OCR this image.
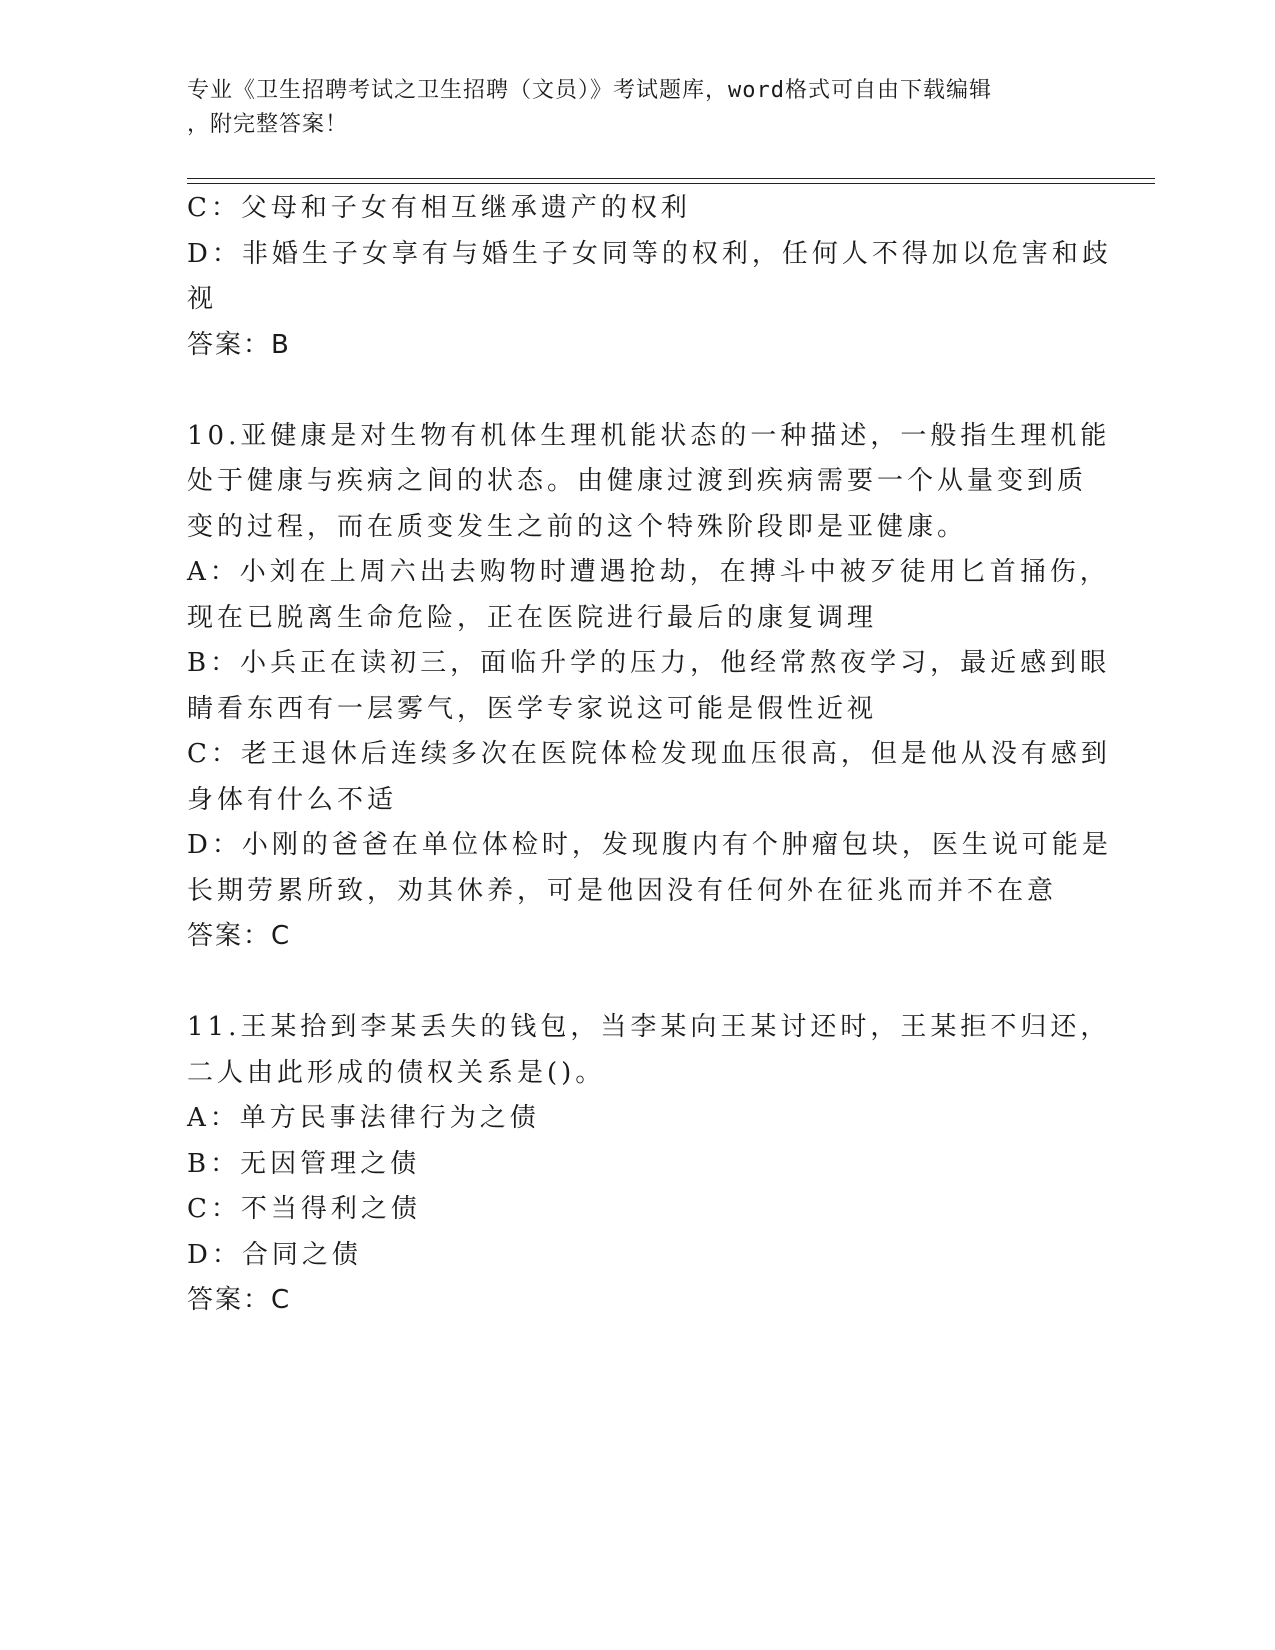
专业《卫生招聘考试之卫生招聘（文员）》考试题库，word格式可自由下载编辑
，附完整答案！
C：父母和子女有相互继承遗产的权利
D：非婚生子女享有与婚生子女同等的权利，任何人不得加以危害和歧
视
答案：B
10.亚健康是对生物有机体生理机能状态的一种描述，一般指生理机能
处于健康与疾病之间的状态。由健康过渡到疾病需要一个从量变到质
变的过程，而在质变发生之前的这个特殊阶段即是亚健康。
A：小刘在上周六出去购物时遭遇抢劫，在搏斗中被歹徒用匕首捅伤，
现在已脱离生命危险，正在医院进行最后的康复调理
B：小兵正在读初三，面临升学的压力，他经常熬夜学习，最近感到眼
睛看东西有一层雾气，医学专家说这可能是假性近视
C：老王退休后连续多次在医院体检发现血压很高，但是他从没有感到
身体有什么不适
D：小刚的爸爸在单位体检时，发现腹内有个肿瘤包块，医生说可能是
长期劳累所致，劝其休养，可是他因没有任何外在征兆而并不在意
答案：C
11.王某拾到李某丢失的钱包，当李某向王某讨还时，王某拒不归还，
二人由此形成的债权关系是()。
A：单方民事法律行为之债
B：无因管理之债
C：不当得利之债
D：合同之债
答案：C
